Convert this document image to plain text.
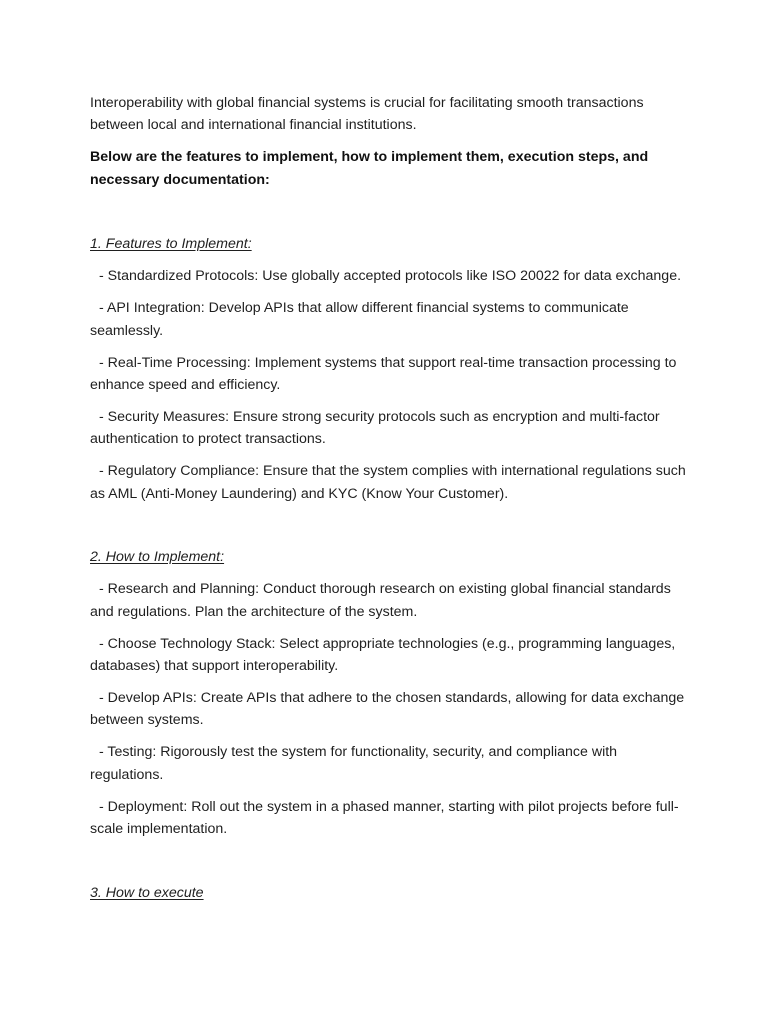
Interoperability with global financial systems is crucial for facilitating smooth transactions between local and international financial institutions.

Below are the features to implement, how to implement them, execution steps, and necessary documentation:

1. Features to Implement:

- Standardized Protocols: Use globally accepted protocols like ISO 20022 for data exchange.

- API Integration: Develop APIs that allow different financial systems to communicate seamlessly.

- Real-Time Processing: Implement systems that support real-time transaction processing to enhance speed and efficiency.

- Security Measures: Ensure strong security protocols such as encryption and multi-factor authentication to protect transactions.

- Regulatory Compliance: Ensure that the system complies with international regulations such as AML (Anti-Money Laundering) and KYC (Know Your Customer).

2. How to Implement:

- Research and Planning: Conduct thorough research on existing global financial standards and regulations. Plan the architecture of the system.

- Choose Technology Stack: Select appropriate technologies (e.g., programming languages, databases) that support interoperability.

- Develop APIs: Create APIs that adhere to the chosen standards, allowing for data exchange between systems.

- Testing: Rigorously test the system for functionality, security, and compliance with regulations.

- Deployment: Roll out the system in a phased manner, starting with pilot projects before full-scale implementation.

3. How to execute
